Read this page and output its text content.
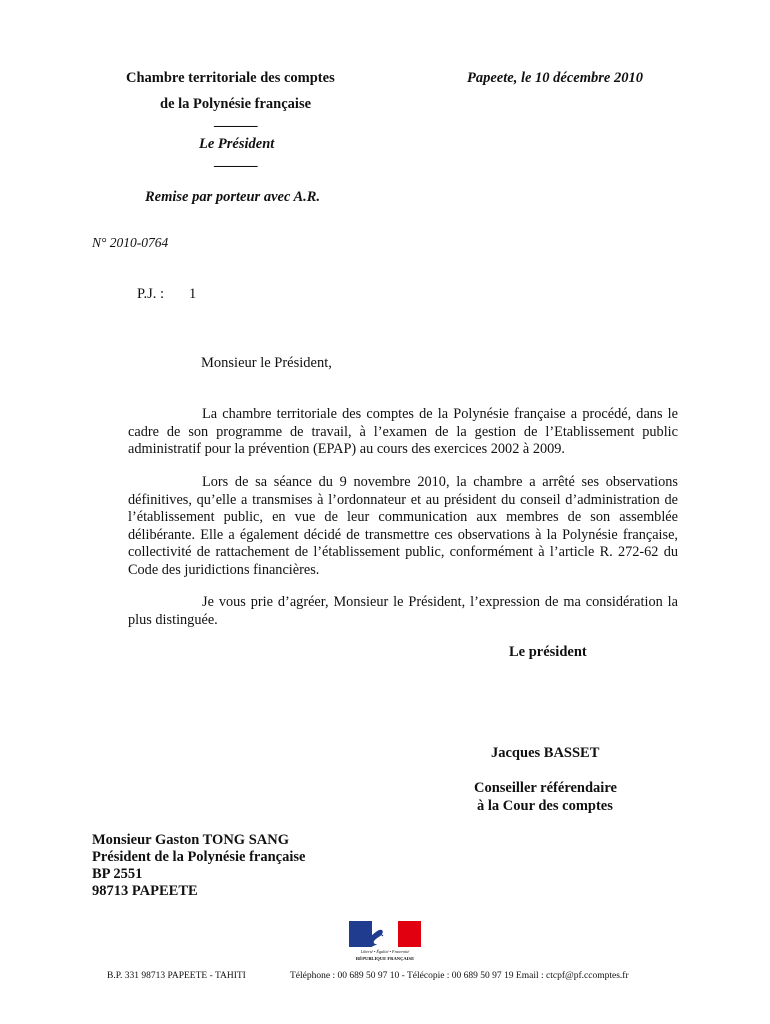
Chambre territoriale des comptes
de la Polynésie française
______
Le Président
______
Remise par porteur avec A.R.
Papeete, le 10 décembre 2010
N° 2010-0764
P.J. : 1
Monsieur le Président,
La chambre territoriale des comptes de la Polynésie française a procédé, dans le cadre de son programme de travail, à l’examen de la gestion de l’Etablissement public administratif pour la prévention (EPAP) au cours des exercices 2002 à 2009.
Lors de sa séance du 9 novembre 2010, la chambre a arrêté ses observations définitives, qu’elle a transmises à l’ordonnateur et au président du conseil d’administration de l’établissement public, en vue de leur communication aux membres de son assemblée délibérante. Elle a également décidé de transmettre ces observations à la Polynésie française, collectivité de rattachement de l’établissement public, conformément à l’article R. 272-62 du Code des juridictions financières.
Je vous prie d’agréer, Monsieur le Président, l’expression de ma considération la plus distinguée.
Le président
Jacques BASSET
Conseiller référendaire
à la Cour des comptes
Monsieur Gaston TONG SANG
Président de la Polynésie française
BP 2551
98713 PAPEETE
Liberté • Égalité • Fraternité
RÉPUBLIQUE FRANÇAISE
B.P. 331 98713 PAPEETE - TAHITI	Téléphone : 00 689 50 97 10 - Télécopie : 00 689 50 97 19 Email : ctcpf@pf.ccomptes.fr
